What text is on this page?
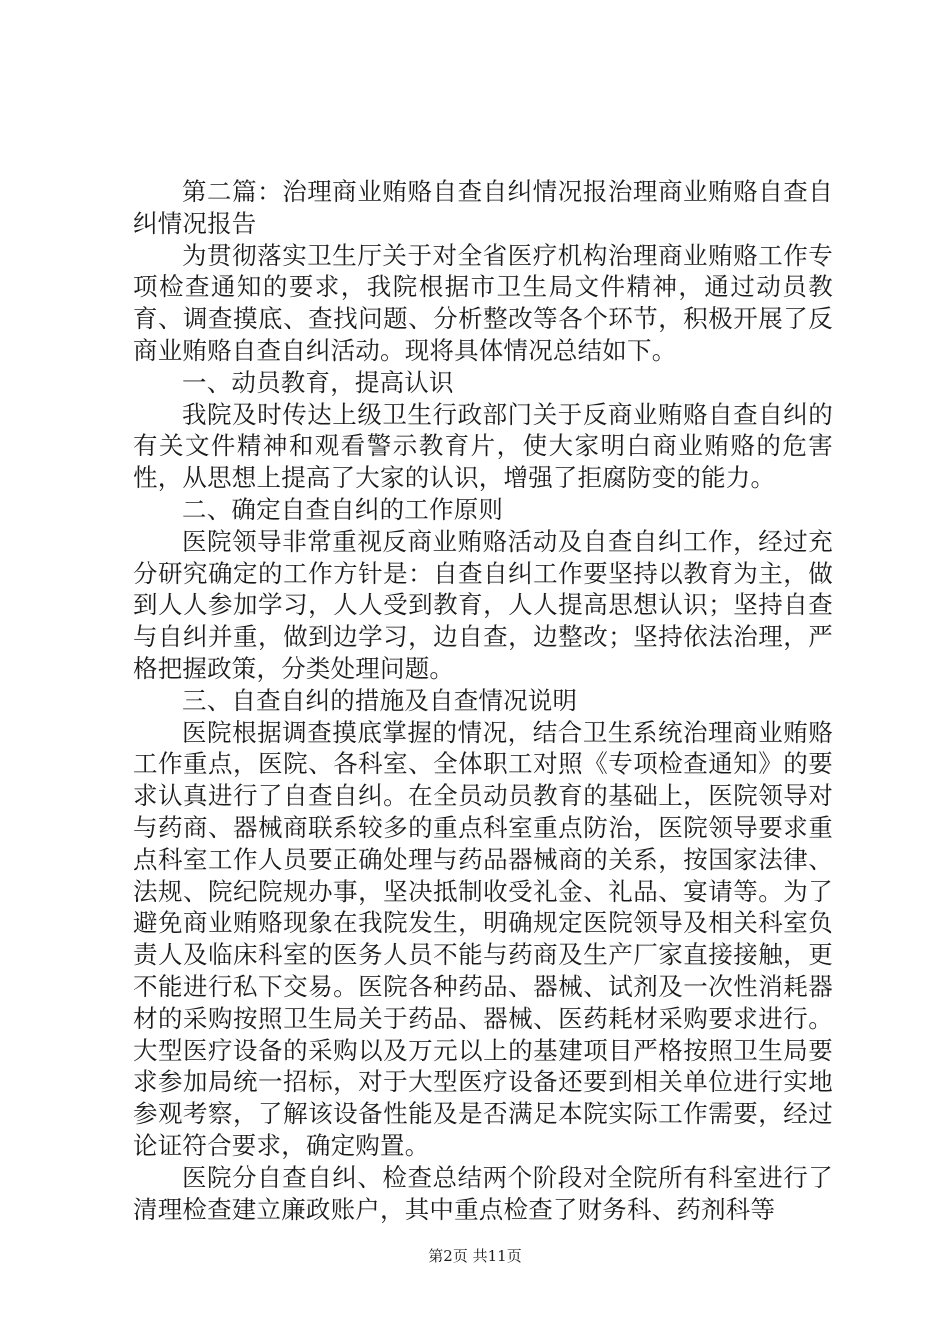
第二篇：治理商业贿赂自查自纠情况报治理商业贿赂自查自纠情况报告

为贯彻落实卫生厅关于对全省医疗机构治理商业贿赂工作专项检查通知的要求，我院根据市卫生局文件精神，通过动员教育、调查摸底、查找问题、分析整改等各个环节，积极开展了反商业贿赂自查自纠活动。现将具体情况总结如下。

一、动员教育，提高认识

我院及时传达上级卫生行政部门关于反商业贿赂自查自纠的有关文件精神和观看警示教育片，使大家明白商业贿赂的危害性，从思想上提高了大家的认识，增强了拒腐防变的能力。

二、确定自查自纠的工作原则

医院领导非常重视反商业贿赂活动及自查自纠工作，经过充分研究确定的工作方针是：自查自纠工作要坚持以教育为主，做到人人参加学习，人人受到教育，人人提高思想认识；坚持自查与自纠并重，做到边学习，边自查，边整改；坚持依法治理，严格把握政策，分类处理问题。

三、自查自纠的措施及自查情况说明

医院根据调查摸底掌握的情况，结合卫生系统治理商业贿赂工作重点，医院、各科室、全体职工对照《专项检查通知》的要求认真进行了自查自纠。在全员动员教育的基础上，医院领导对与药商、器械商联系较多的重点科室重点防治，医院领导要求重点科室工作人员要正确处理与药品器械商的关系，按国家法律、法规、院纪院规办事，坚决抵制收受礼金、礼品、宴请等。为了避免商业贿赂现象在我院发生，明确规定医院领导及相关科室负责人及临床科室的医务人员不能与药商及生产厂家直接接触，更不能进行私下交易。医院各种药品、器械、试剂及一次性消耗器材的采购按照卫生局关于药品、器械、医药耗材采购要求进行。大型医疗设备的采购以及万元以上的基建项目严格按照卫生局要求参加局统一招标，对于大型医疗设备还要到相关单位进行实地参观考察，了解该设备性能及是否满足本院实际工作需要，经过论证符合要求，确定购置。

医院分自查自纠、检查总结两个阶段对全院所有科室进行了清理检查建立廉政账户，其中重点检查了财务科、药剂科等

第2页 共11页
